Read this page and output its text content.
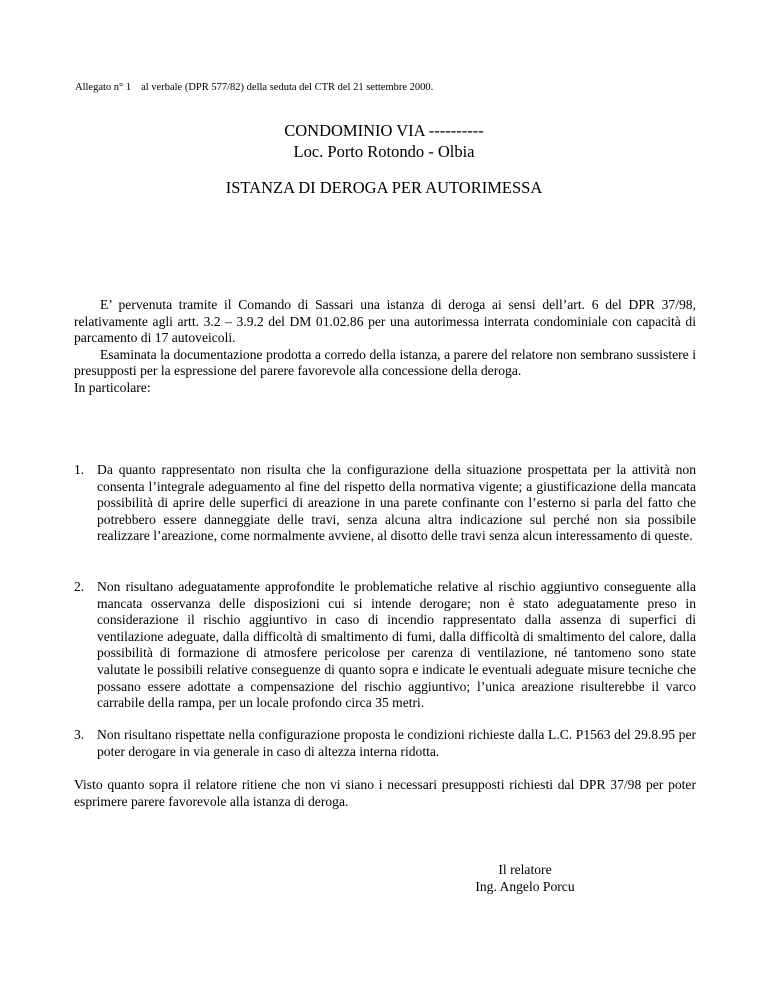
Allegato n° 1 al verbale (DPR 577/82) della seduta del CTR del 21 settembre 2000.
CONDOMINIO VIA ----------
Loc. Porto Rotondo - Olbia
ISTANZA DI DEROGA PER AUTORIMESSA

E’ pervenuta tramite il Comando di Sassari una istanza di deroga ai sensi dell’art. 6 del DPR 37/98, relativamente agli artt. 3.2 – 3.9.2 del DM 01.02.86 per una autorimessa interrata condominiale con capacità di parcamento di 17 autoveicoli.

Esaminata la documentazione prodotta a corredo della istanza, a parere del relatore non sembrano sussistere i presupposti per la espressione del parere favorevole alla concessione della deroga.

In particolare:

1. Da quanto rappresentato non risulta che la configurazione della situazione prospettata per la attività non consenta l’integrale adeguamento al fine del rispetto della normativa vigente; a giustificazione della mancata possibilità di aprire delle superfici di areazione in una parete confinante con l’esterno si parla del fatto che potrebbero essere danneggiate delle travi, senza alcuna altra indicazione sul perché non sia possibile realizzare l’areazione, come normalmente avviene, al disotto delle travi senza alcun interessamento di queste.

2. Non risultano adeguatamente approfondite le problematiche relative al rischio aggiuntivo conseguente alla mancata osservanza delle disposizioni cui si intende derogare; non è stato adeguatamente preso in considerazione il rischio aggiuntivo in caso di incendio rappresentato dalla assenza di superfici di ventilazione adeguate, dalla difficoltà di smaltimento di fumi, dalla difficoltà di smaltimento del calore, dalla possibilità di formazione di atmosfere pericolose per carenza di ventilazione, né tantomeno sono state valutate le possibili relative conseguenze di quanto sopra e indicate le eventuali adeguate misure tecniche che possano essere adottate a compensazione del rischio aggiuntivo; l’unica areazione risulterebbe il varco carrabile della rampa, per un locale profondo circa 35 metri.

3. Non risultano rispettate nella configurazione proposta le condizioni richieste dalla L.C. P1563 del 29.8.95 per poter derogare in via generale in caso di altezza interna ridotta.

Visto quanto sopra il relatore ritiene che non vi siano i necessari presupposti richiesti dal DPR 37/98 per poter esprimere parere favorevole alla istanza di deroga.

Il relatore
Ing. Angelo Porcu
